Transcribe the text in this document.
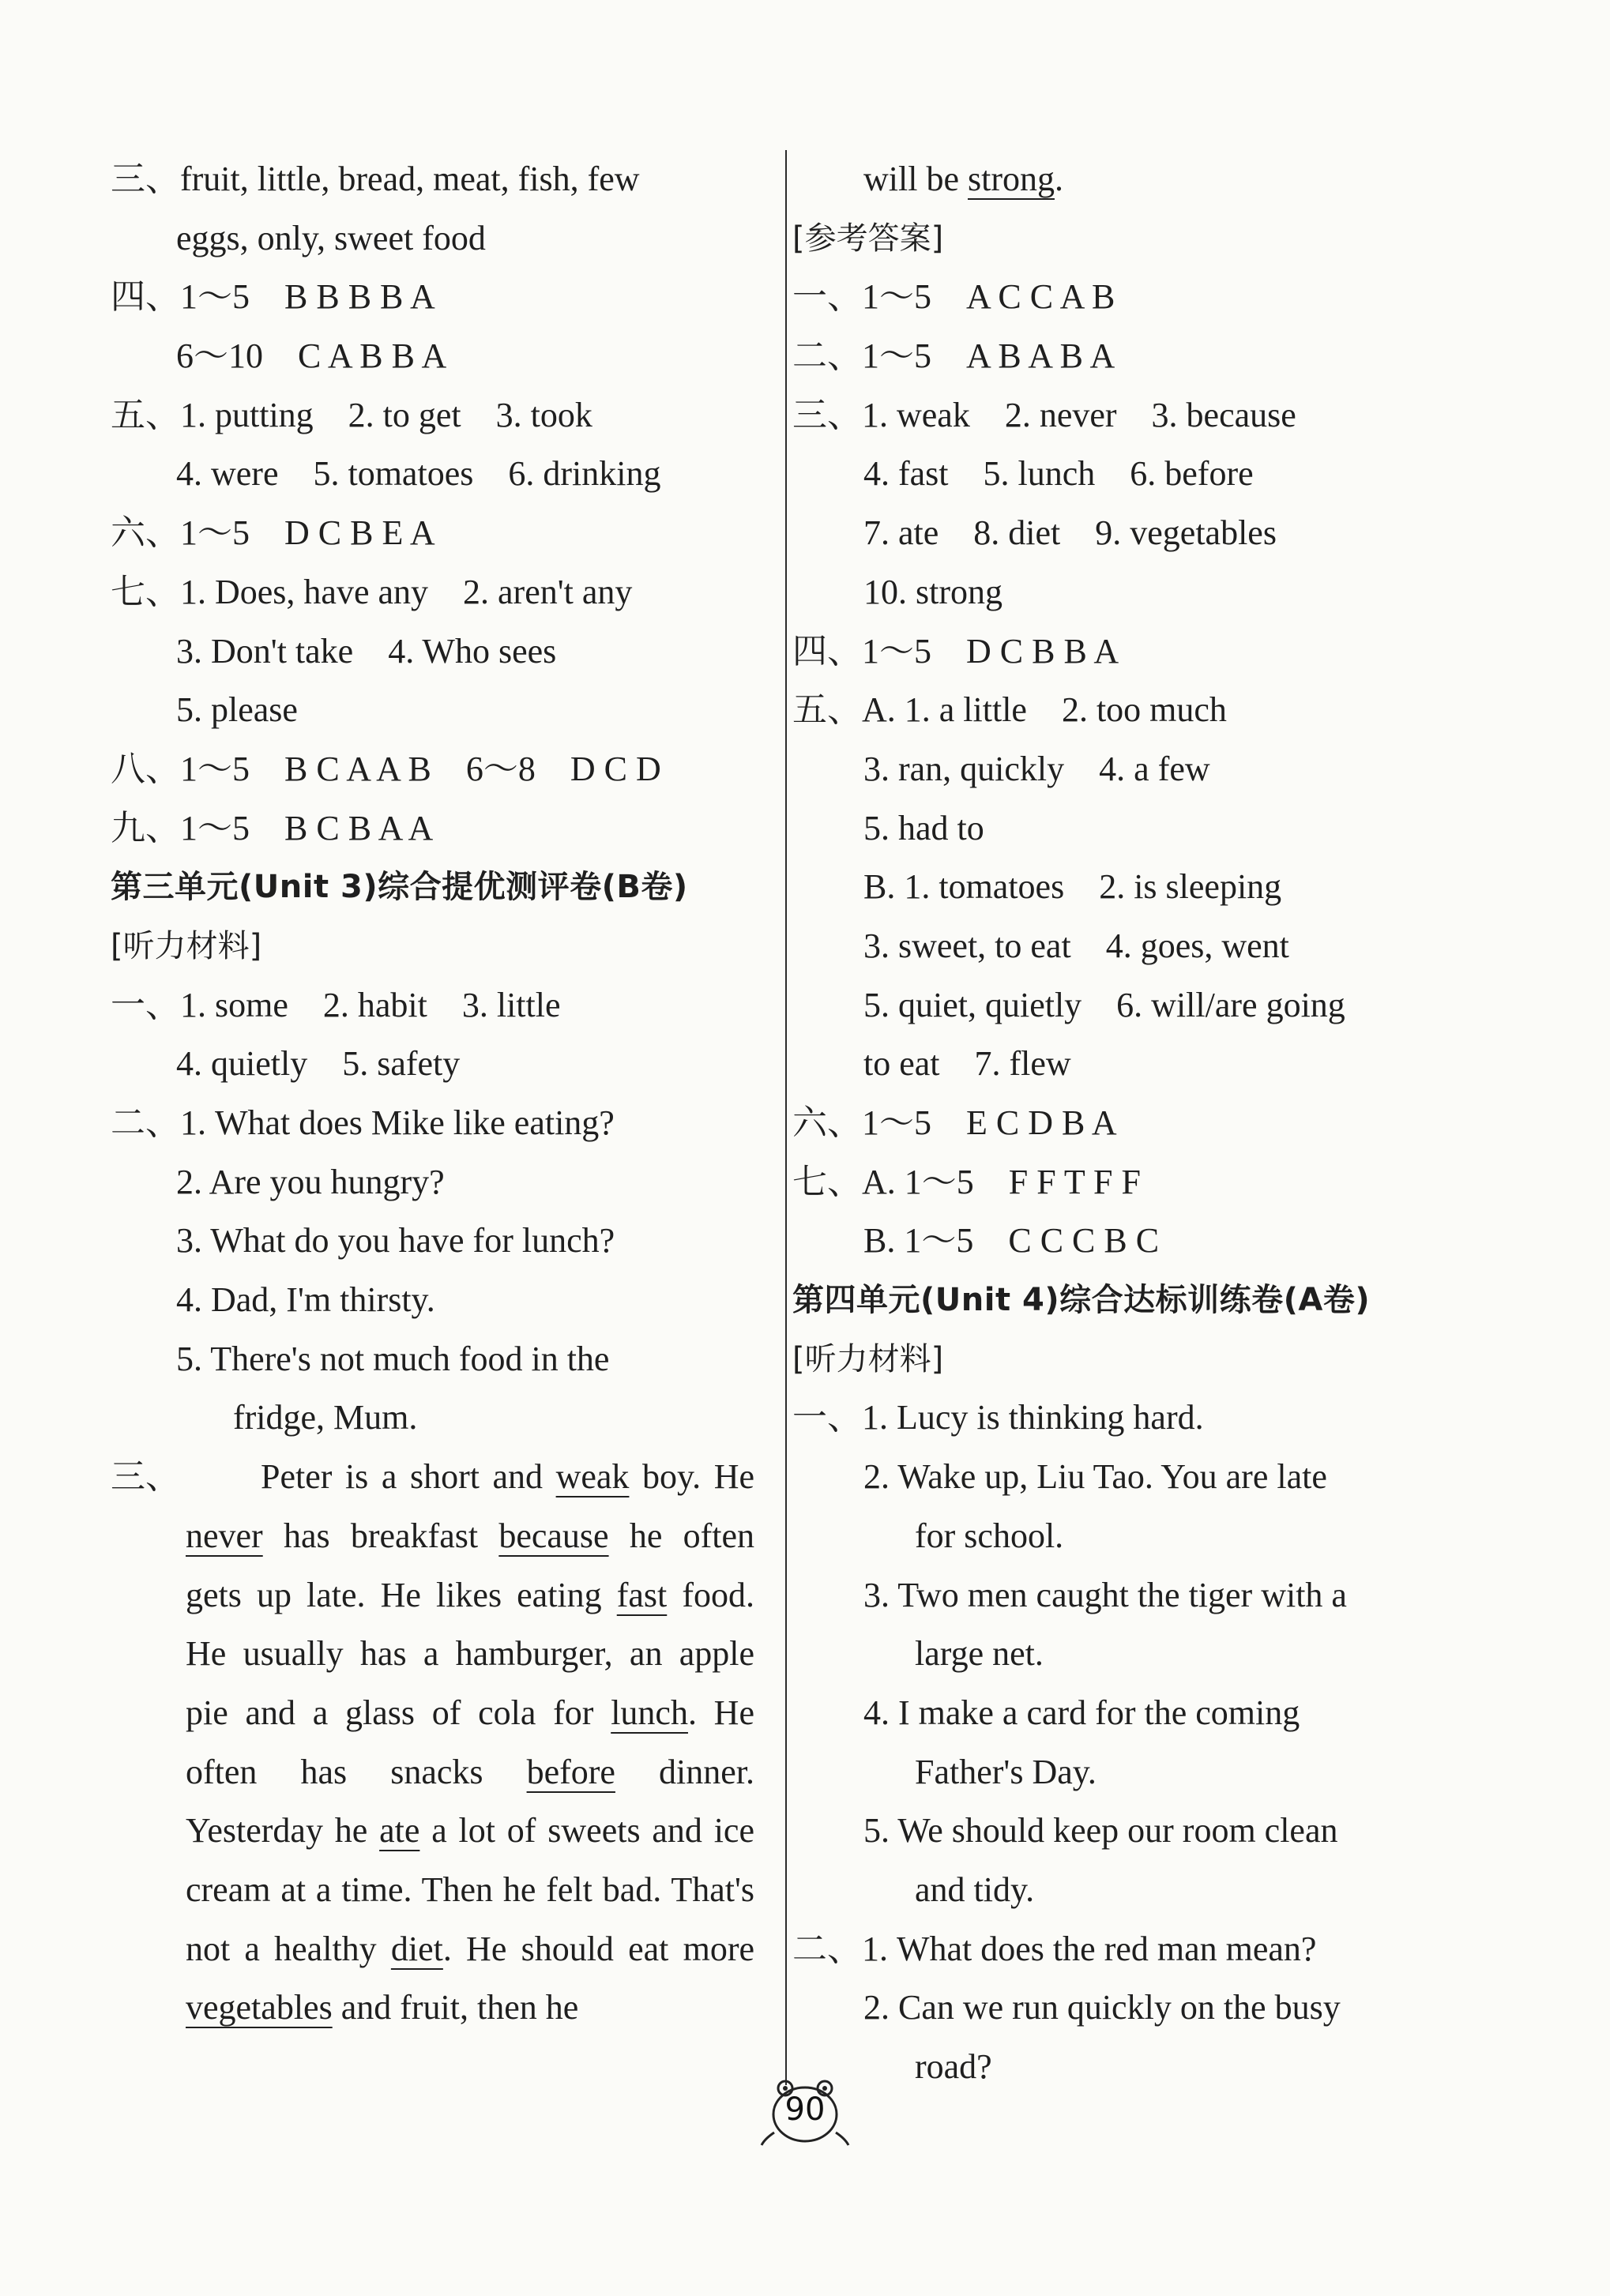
三、fruit, little, bread, meat, fish, few
eggs, only, sweet food
四、1～5　B B B B A
6～10　C A B B A
五、1. putting　2. to get　3. took
4. were　5. tomatoes　6. drinking
六、1～5　D C B E A
七、1. Does, have any　2. aren't any
3. Don't take　4. Who sees
5. please
八、1～5　B C A A B　6～8　D C D
九、1～5　B C B A A
第三单元(Unit 3)综合提优测评卷(B卷)
[听力材料]
一、1. some　2. habit　3. little
4. quietly　5. safety
二、1. What does Mike like eating?
2. Are you hungry?
3. What do you have for lunch?
4. Dad, I'm thirsty.
5. There's not much food in the
fridge, Mum.
三、	Peter is a short and weak boy. He never has breakfast because he often gets up late. He likes eating fast food. He usually has a hamburger, an apple pie and a glass of cola for lunch. He often has snacks before dinner. Yesterday he ate a lot of sweets and ice cream at a time. Then he felt bad. That's not a healthy diet. He should eat more vegetables and fruit, then he
will be strong.
[参考答案]
一、1～5　A C C A B
二、1～5　A B A B A
三、1. weak　2. never　3. because
4. fast　5. lunch　6. before
7. ate　8. diet　9. vegetables
10. strong
四、1～5　D C B B A
五、A. 1. a little　2. too much
3. ran, quickly　4. a few
5. had to
B. 1. tomatoes　2. is sleeping
3. sweet, to eat　4. goes, went
5. quiet, quietly　6. will/are going
to eat　7. flew
六、1～5　E C D B A
七、A. 1～5　F F T F F
B. 1～5　C C C B C
第四单元(Unit 4)综合达标训练卷(A卷)
[听力材料]
一、1. Lucy is thinking hard.
2. Wake up, Liu Tao. You are late
for school.
3. Two men caught the tiger with a
large net.
4. I make a card for the coming
Father's Day.
5. We should keep our room clean
and tidy.
二、1. What does the red man mean?
2. Can we run quickly on the busy
road?
90
